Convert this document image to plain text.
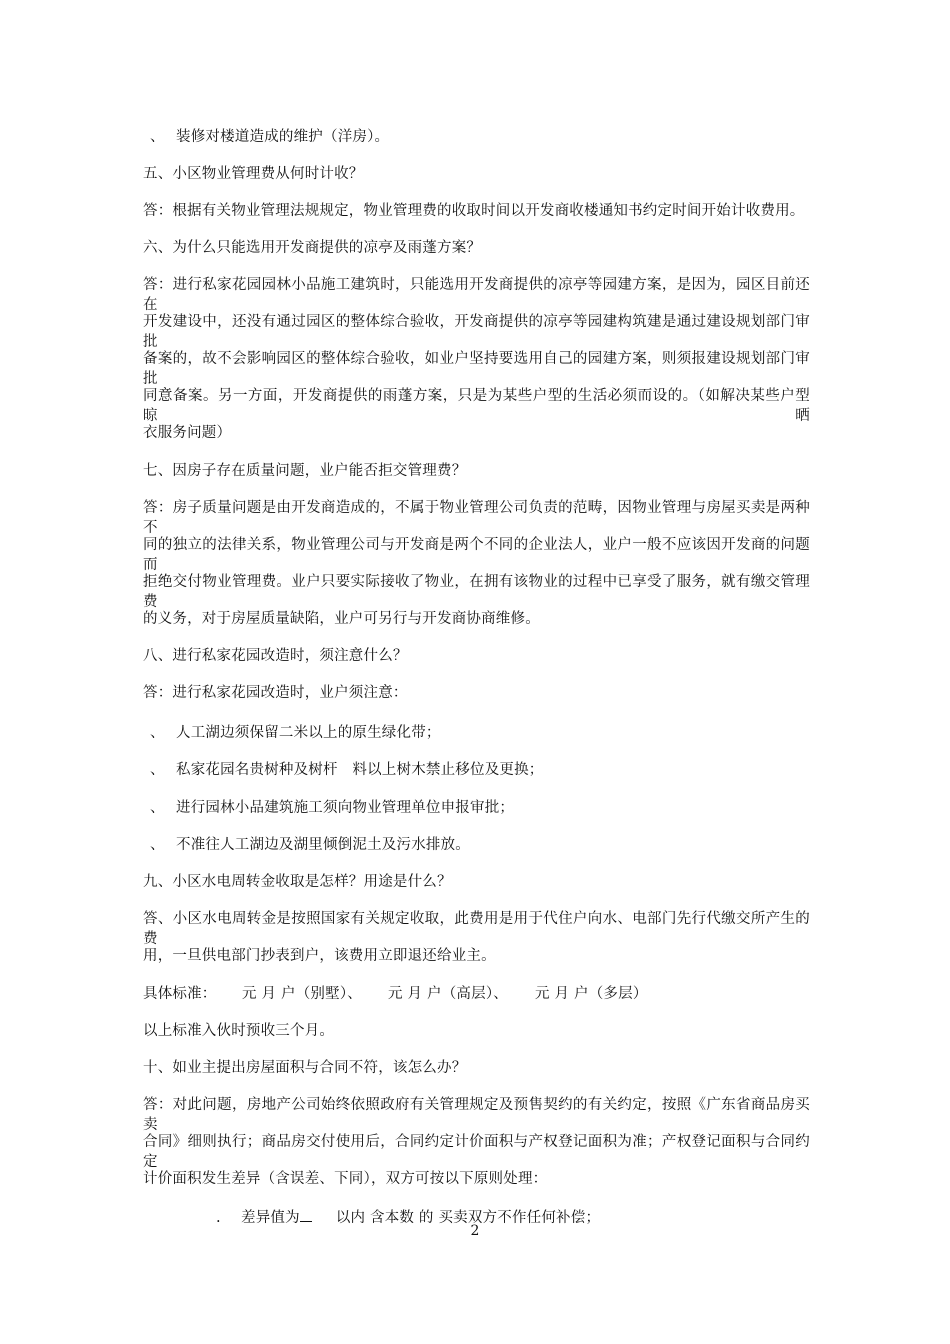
、 装修对楼道造成的维护（洋房）。
五、小区物业管理费从何时计收？
答：根据有关物业管理法规规定，物业管理费的收取时间以开发商收楼通知书约定时间开始计收费用。
六、为什么只能选用开发商提供的凉亭及雨蓬方案？
答：进行私家花园园林小品施工建筑时，只能选用开发商提供的凉亭等园建方案，是因为，园区目前还在
开发建设中，还没有通过园区的整体综合验收，开发商提供的凉亭等园建构筑建是通过建设规划部门审批
备案的，故不会影响园区的整体综合验收，如业户坚持要选用自己的园建方案，则须报建设规划部门审批
同意备案。另一方面，开发商提供的雨蓬方案，只是为某些户型的生活必须而设的。（如解决某些户型晾晒
衣服务问题）
七、因房子存在质量问题，业户能否拒交管理费？
答：房子质量问题是由开发商造成的，不属于物业管理公司负责的范畴，因物业管理与房屋买卖是两种不
同的独立的法律关系，物业管理公司与开发商是两个不同的企业法人，业户一般不应该因开发商的问题而
拒绝交付物业管理费。业户只要实际接收了物业，在拥有该物业的过程中已享受了服务，就有缴交管理费
的义务，对于房屋质量缺陷，业户可另行与开发商协商维修。
八、进行私家花园改造时，须注意什么？
答：进行私家花园改造时，业户须注意：
、 人工湖边须保留二米以上的原生绿化带；
、 私家花园名贵树种及树杆　料以上树木禁止移位及更换；
、 进行园林小品建筑施工须向物业管理单位申报审批；
、 不准往人工湖边及湖里倾倒泥土及污水排放。
九、小区水电周转金收取是怎样？用途是什么？
答、小区水电周转金是按照国家有关规定收取，此费用是用于代住户向水、电部门先行代缴交所产生的费
用，一旦供电部门抄表到户，该费用立即退还给业主。
具体标准： 元 月 户（别墅）、 元 月 户（高层）、 元 月 户（多层）
以上标准入伙时预收三个月。
十、如业主提出房屋面积与合同不符，该怎么办？
答：对此问题，房地产公司始终依照政府有关管理规定及预售契约的有关约定，按照《广东省商品房买卖
合同》细则执行；商品房交付使用后，合同约定计价面积与产权登记面积为准；产权登记面积与合同约定
计价面积发生差异（含误差、下同），双方可按以下原则处理：
. 差异值为 以内 含本数 的 买卖双方不作任何补偿；
2
